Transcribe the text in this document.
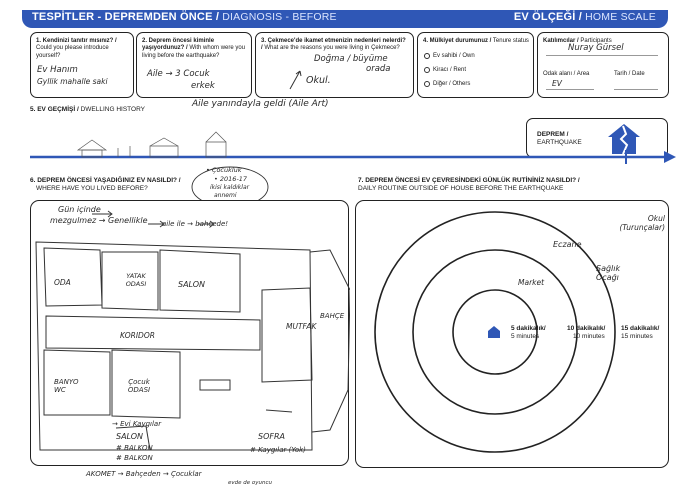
TESPİTLER - DEPREMDEN ÖNCE / DIAGNOSIS - BEFORE	EV ÖLÇEĞİ / HOME SCALE
1. Kendinizi tanıtır mısınız? / Could you please introduce yourself?
Ev Hanım
Gyllik mahalle saki
2. Deprem öncesi kiminle yaşıyordunuz? / With whom were you living before the earthquake?
Aile → 3 Cocuk
erkek
3. Çekmece'de ikamet etmenizin nedenleri nelerdi? / What are the reasons you were living in Çekmece?
Doğma / büyüme
orada
Okul.
4. Mülkiyet durumunuz / Tenure status
Ev sahibi / Own
Kiracı / Rent
Diğer / Others
Katılımcılar / Participants
Nuray Gürsel
Odak alanı / Area	Tarih / Date
EV
5. EV GEÇMİŞİ / DWELLING HISTORY
Aile yanındayla geldi (Aile Art)
DEPREM /
EARTHQUAKE
6. DEPREM ÖNCESİ YAŞADIĞINIZ EV NASILDI? /
WHERE HAVE YOU LIVED BEFORE?
7. DEPREM ÖNCESİ EV ÇEVRESİNDEKİ GÜNLÜK RUTİNİNİZ NASILDI? /
DAILY ROUTINE OUTSIDE OF HOUSE BEFORE THE EARTHQUAKE
• Çocukluk
• 2016-17
ikisi kaldıklar
annemi
Gün içinde
mezgulmez → Genellikle aile ile → bahçede!
ODA
YATAK ODASI	SALON
KORIDOR
MUTFAK
BANYO WC
Çocuk ODASI
BAHÇE
→ Evi Kaygılar
SALON
# BALKON
# BALKON
SOFRA
# Kaygılar (Yok)
AKOMET → Bahçeden → Çocuklar
evde de oyuncu
5 dakikalık/
5 minutes
10 dakikalık/
10 minutes
15 dakikalık/
15 minutes
Okul (Turunçalar)
Eczane
Sağlık Ocağı
Market
